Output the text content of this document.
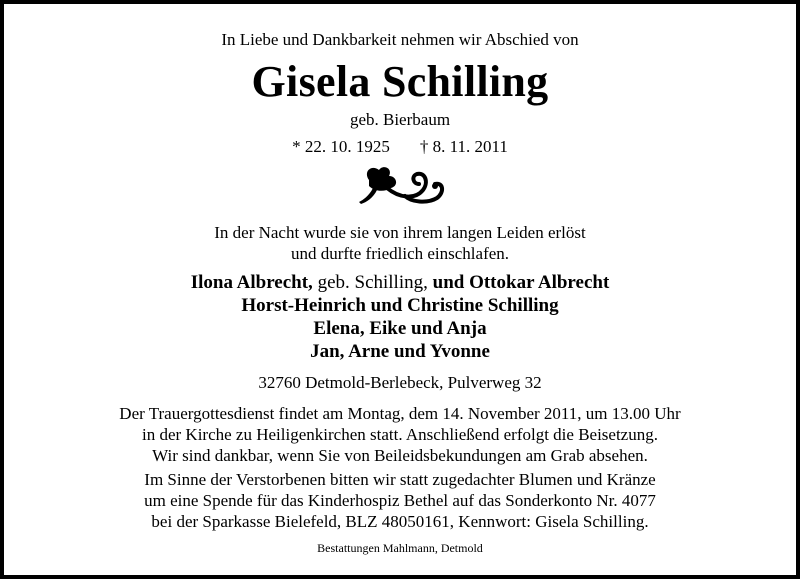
In Liebe und Dankbarkeit nehmen wir Abschied von
Gisela Schilling
geb. Bierbaum
* 22. 10. 1925 † 8. 11. 2011
In der Nacht wurde sie von ihrem langen Leiden erlöst
und durfte friedlich einschlafen.
Ilona Albrecht, geb. Schilling, und Ottokar Albrecht
Horst-Heinrich und Christine Schilling
Elena, Eike und Anja
Jan, Arne und Yvonne
32760 Detmold-Berlebeck, Pulverweg 32
Der Trauergottesdienst findet am Montag, dem 14. November 2011, um 13.00 Uhr
in der Kirche zu Heiligenkirchen statt. Anschließend erfolgt die Beisetzung.
Wir sind dankbar, wenn Sie von Beileidsbekundungen am Grab absehen.
Im Sinne der Verstorbenen bitten wir statt zugedachter Blumen und Kränze
um eine Spende für das Kinderhospiz Bethel auf das Sonderkonto Nr. 4077
bei der Sparkasse Bielefeld, BLZ 48050161, Kennwort: Gisela Schilling.
Bestattungen Mahlmann, Detmold
